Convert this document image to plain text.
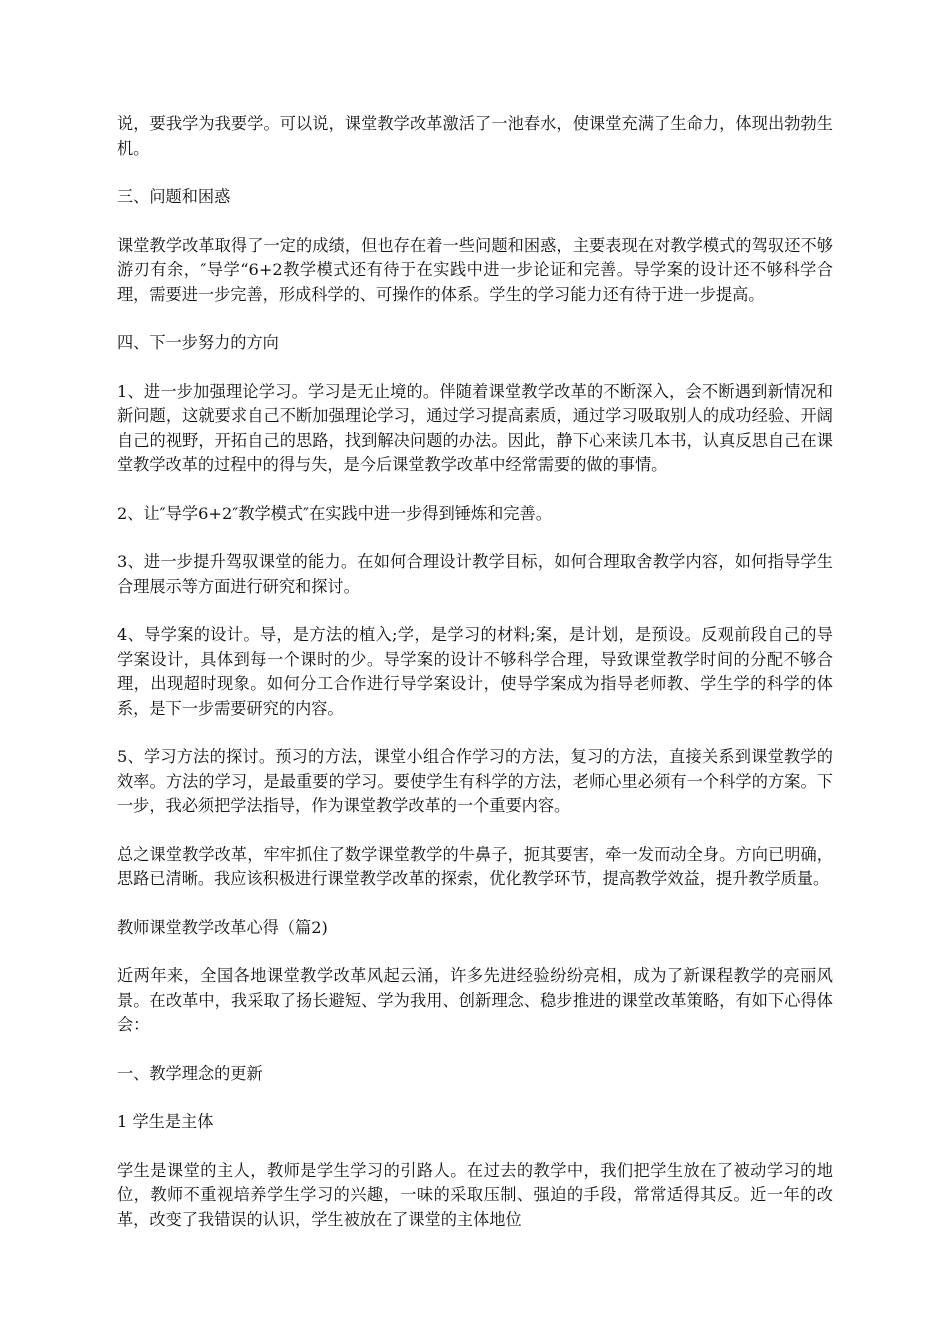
说，要我学为我要学。可以说，课堂教学改革激活了一池春水，使课堂充满了生命力，体现出勃勃生机。

三、问题和困惑

课堂教学改革取得了一定的成绩，但也存在着一些问题和困惑，主要表现在对教学模式的驾驭还不够游刃有余，″导学“6+2教学模式还有待于在实践中进一步论证和完善。导学案的设计还不够科学合理，需要进一步完善，形成科学的、可操作的体系。学生的学习能力还有待于进一步提高。

四、下一步努力的方向

1、进一步加强理论学习。学习是无止境的。伴随着课堂教学改革的不断深入，会不断遇到新情况和新问题，这就要求自己不断加强理论学习，通过学习提高素质，通过学习吸取别人的成功经验、开阔自己的视野，开拓自己的思路，找到解决问题的办法。因此，静下心来读几本书，认真反思自己在课堂教学改革的过程中的得与失，是今后课堂教学改革中经常需要的做的事情。

2、让″导学6+2″教学模式″在实践中进一步得到锤炼和完善。

3、进一步提升驾驭课堂的能力。在如何合理设计教学目标，如何合理取舍教学内容，如何指导学生合理展示等方面进行研究和探讨。

4、导学案的设计。导，是方法的植入;学，是学习的材料;案，是计划，是预设。反观前段自己的导学案设计，具体到每一个课时的少。导学案的设计不够科学合理，导致课堂教学时间的分配不够合理，出现超时现象。如何分工合作进行导学案设计，使导学案成为指导老师教、学生学的科学的体系，是下一步需要研究的内容。

5、学习方法的探讨。预习的方法，课堂小组合作学习的方法，复习的方法，直接关系到课堂教学的效率。方法的学习，是最重要的学习。要使学生有科学的方法，老师心里必须有一个科学的方案。下一步，我必须把学法指导，作为课堂教学改革的一个重要内容。

总之课堂教学改革，牢牢抓住了数学课堂教学的牛鼻子，扼其要害，牵一发而动全身。方向已明确，思路已清晰。我应该积极进行课堂教学改革的探索，优化教学环节，提高教学效益，提升教学质量。

教师课堂教学改革心得（篇2)

近两年来，全国各地课堂教学改革风起云涌，许多先进经验纷纷亮相，成为了新课程教学的亮丽风景。在改革中，我采取了扬长避短、学为我用、创新理念、稳步推进的课堂改革策略，有如下心得体会：

一、教学理念的更新

1 学生是主体

学生是课堂的主人，教师是学生学习的引路人。在过去的教学中，我们把学生放在了被动学习的地位，教师不重视培养学生学习的兴趣，一味的采取压制、强迫的手段，常常适得其反。近一年的改革，改变了我错误的认识，学生被放在了课堂的主体地位
